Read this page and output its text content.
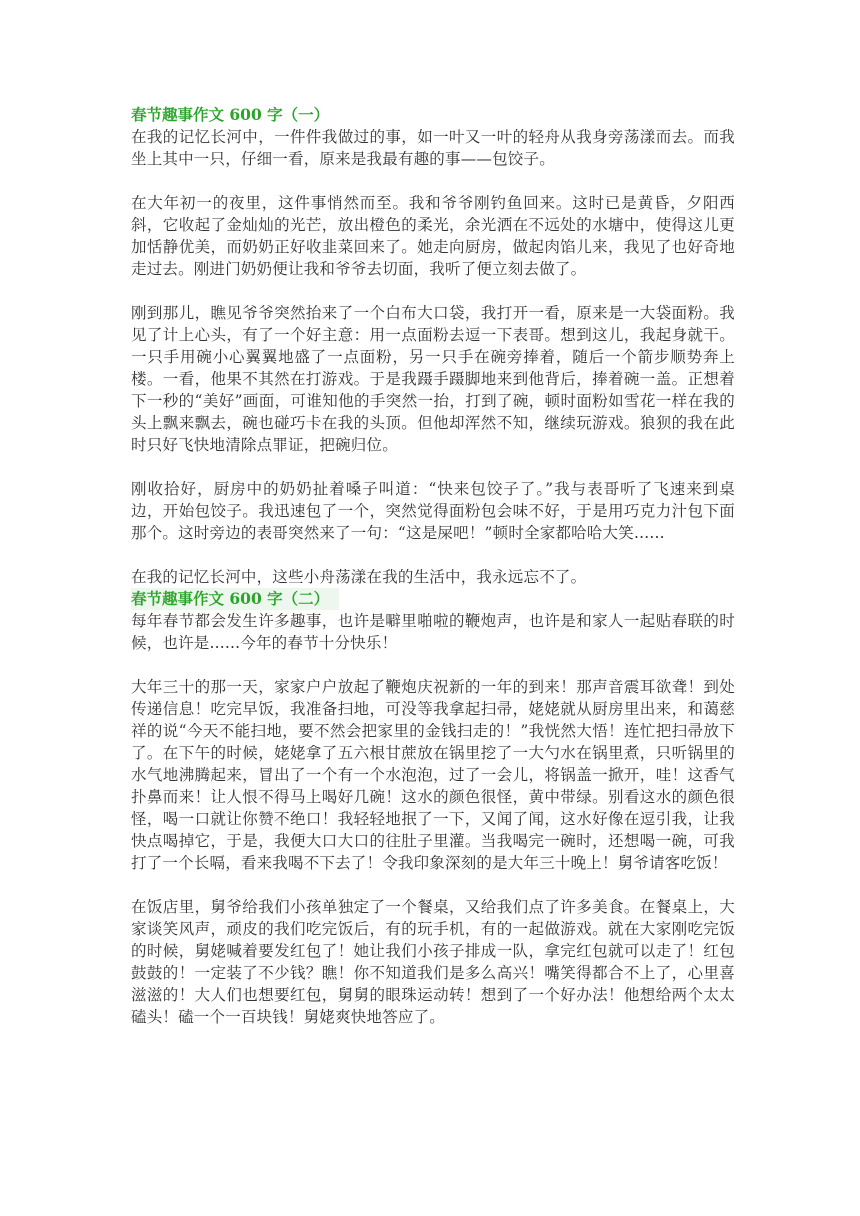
春节趣事作文 600 字（一）

在我的记忆长河中，一件件我做过的事，如一叶又一叶的轻舟从我身旁荡漾而去。而我坐上其中一只，仔细一看，原来是我最有趣的事——包饺子。

在大年初一的夜里，这件事悄然而至。我和爷爷刚钓鱼回来。这时已是黄昏，夕阳西斜，它收起了金灿灿的光芒，放出橙色的柔光，余光洒在不远处的水塘中，使得这儿更加恬静优美，而奶奶正好收韭菜回来了。她走向厨房，做起肉馅儿来，我见了也好奇地走过去。刚进门奶奶便让我和爷爷去切面，我听了便立刻去做了。

刚到那儿，瞧见爷爷突然抬来了一个白布大口袋，我打开一看，原来是一大袋面粉。我见了计上心头，有了一个好主意：用一点面粉去逗一下表哥。想到这儿，我起身就干。一只手用碗小心翼翼地盛了一点面粉，另一只手在碗旁捧着，随后一个箭步顺势奔上楼。一看，他果不其然在打游戏。于是我蹑手蹑脚地来到他背后，捧着碗一盖。正想着下一秒的“美好”画面，可谁知他的手突然一抬，打到了碗，顿时面粉如雪花一样在我的头上飘来飘去，碗也碰巧卡在我的头顶。但他却浑然不知，继续玩游戏。狼狈的我在此时只好飞快地清除点罪证，把碗归位。

刚收拾好，厨房中的奶奶扯着嗓子叫道：“快来包饺子了。”我与表哥听了飞速来到桌边，开始包饺子。我迅速包了一个，突然觉得面粉包会味不好，于是用巧克力汁包下面那个。这时旁边的表哥突然来了一句：“这是屎吧！”顿时全家都哈哈大笑......

在我的记忆长河中，这些小舟荡漾在我的生活中，我永远忘不了。

春节趣事作文 600 字（二）

每年春节都会发生许多趣事，也许是噼里啪啦的鞭炮声，也许是和家人一起贴春联的时候，也许是......今年的春节十分快乐！

大年三十的那一天，家家户户放起了鞭炮庆祝新的一年的到来！那声音震耳欲聋！到处传递信息！吃完早饭，我准备扫地，可没等我拿起扫帚，姥姥就从厨房里出来，和蔼慈祥的说“今天不能扫地，要不然会把家里的金钱扫走的！”我恍然大悟！连忙把扫帚放下了。在下午的时候，姥姥拿了五六根甘蔗放在锅里挖了一大勺水在锅里煮，只听锅里的水气地沸腾起来，冒出了一个有一个水泡泡，过了一会儿，将锅盖一掀开，哇！这香气扑鼻而来！让人恨不得马上喝好几碗！这水的颜色很怪，黄中带绿。别看这水的颜色很怪，喝一口就让你赞不绝口！我轻轻地抿了一下，又闻了闻，这水好像在逗引我，让我快点喝掉它，于是，我便大口大口的往肚子里灌。当我喝完一碗时，还想喝一碗，可我打了一个长嗝，看来我喝不下去了！令我印象深刻的是大年三十晚上！舅爷请客吃饭！

在饭店里，舅爷给我们小孩单独定了一个餐桌，又给我们点了许多美食。在餐桌上，大家谈笑风声，顽皮的我们吃完饭后，有的玩手机，有的一起做游戏。就在大家刚吃完饭的时候，舅姥喊着要发红包了！她让我们小孩子排成一队，拿完红包就可以走了！红包鼓鼓的！一定装了不少钱？瞧！你不知道我们是多么高兴！嘴笑得都合不上了，心里喜滋滋的！大人们也想要红包，舅舅的眼珠运动转！想到了一个好办法！他想给两个太太磕头！磕一个一百块钱！舅姥爽快地答应了。
